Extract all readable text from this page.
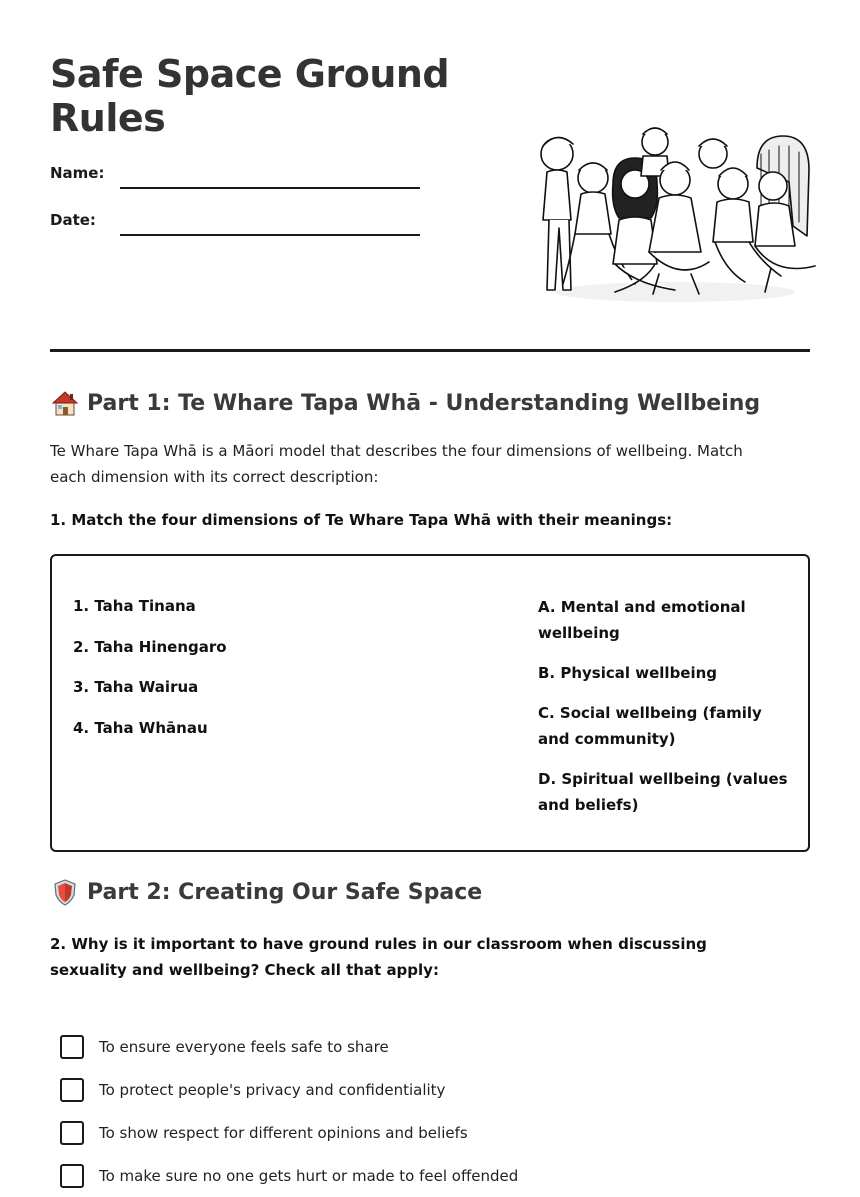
Safe Space Ground Rules
Name:
Date:
Part 1: Te Whare Tapa Whā - Understanding Wellbeing
Te Whare Tapa Whā is a Māori model that describes the four dimensions of wellbeing. Match each dimension with its correct description:
1. Match the four dimensions of Te Whare Tapa Whā with their meanings:
1. Taha Tinana
2. Taha Hinengaro
3. Taha Wairua
4. Taha Whānau
A. Mental and emotional wellbeing
B. Physical wellbeing
C. Social wellbeing (family and community)
D. Spiritual wellbeing (values and beliefs)
Part 2: Creating Our Safe Space
2. Why is it important to have ground rules in our classroom when discussing sexuality and wellbeing? Check all that apply:
To ensure everyone feels safe to share
To protect people's privacy and confidentiality
To show respect for different opinions and beliefs
To make sure no one gets hurt or made to feel offended
